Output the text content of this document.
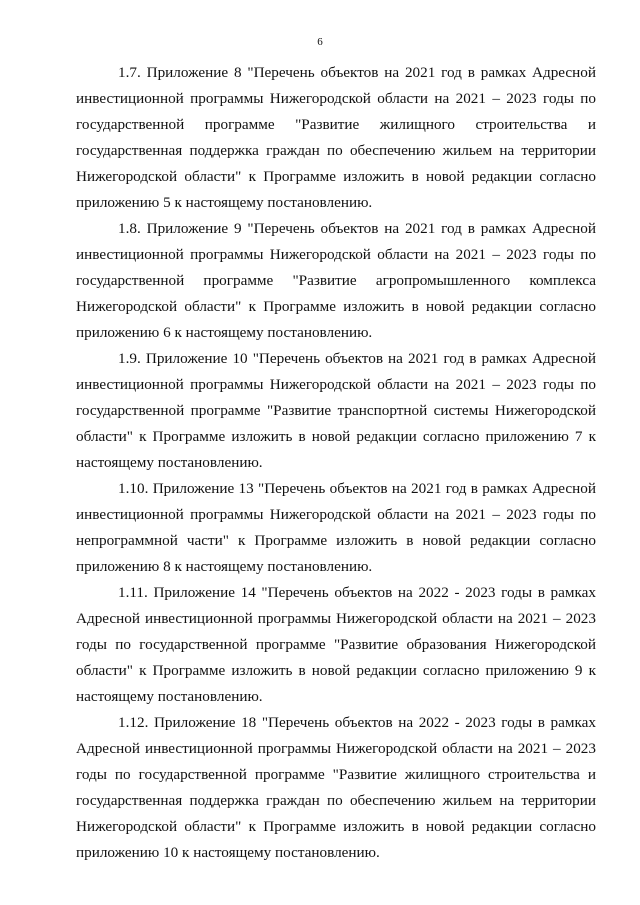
6

1.7. Приложение 8 "Перечень объектов на 2021 год в рамках Адресной инвестиционной программы Нижегородской области на 2021 – 2023 годы по государственной программе "Развитие жилищного строительства и государственная поддержка граждан по обеспечению жильем на территории Нижегородской области" к Программе изложить в новой редакции согласно приложению 5 к настоящему постановлению.

1.8. Приложение 9 "Перечень объектов на 2021 год в рамках Адресной инвестиционной программы Нижегородской области на 2021 – 2023 годы по государственной программе "Развитие агропромышленного комплекса Нижегородской области" к Программе изложить в новой редакции согласно приложению 6 к настоящему постановлению.

1.9. Приложение 10 "Перечень объектов на 2021 год в рамках Адресной инвестиционной программы Нижегородской области на 2021 – 2023 годы по государственной программе "Развитие транспортной системы Нижегородской области" к Программе изложить в новой редакции согласно приложению 7 к настоящему постановлению.

1.10. Приложение 13 "Перечень объектов на 2021 год в рамках Адресной инвестиционной программы Нижегородской области на 2021 – 2023 годы по непрограммной части" к Программе изложить в новой редакции согласно приложению 8 к настоящему постановлению.

1.11. Приложение 14 "Перечень объектов на 2022 - 2023 годы в рамках Адресной инвестиционной программы Нижегородской области на 2021 – 2023 годы по государственной программе "Развитие образования Нижегородской области" к Программе изложить в новой редакции согласно приложению 9 к настоящему постановлению.

1.12. Приложение 18 "Перечень объектов на 2022 - 2023 годы в рамках Адресной инвестиционной программы Нижегородской области на 2021 – 2023 годы по государственной программе "Развитие жилищного строительства и государственная поддержка граждан по обеспечению жильем на территории Нижегородской области" к Программе изложить в новой редакции согласно приложению 10 к настоящему постановлению.
